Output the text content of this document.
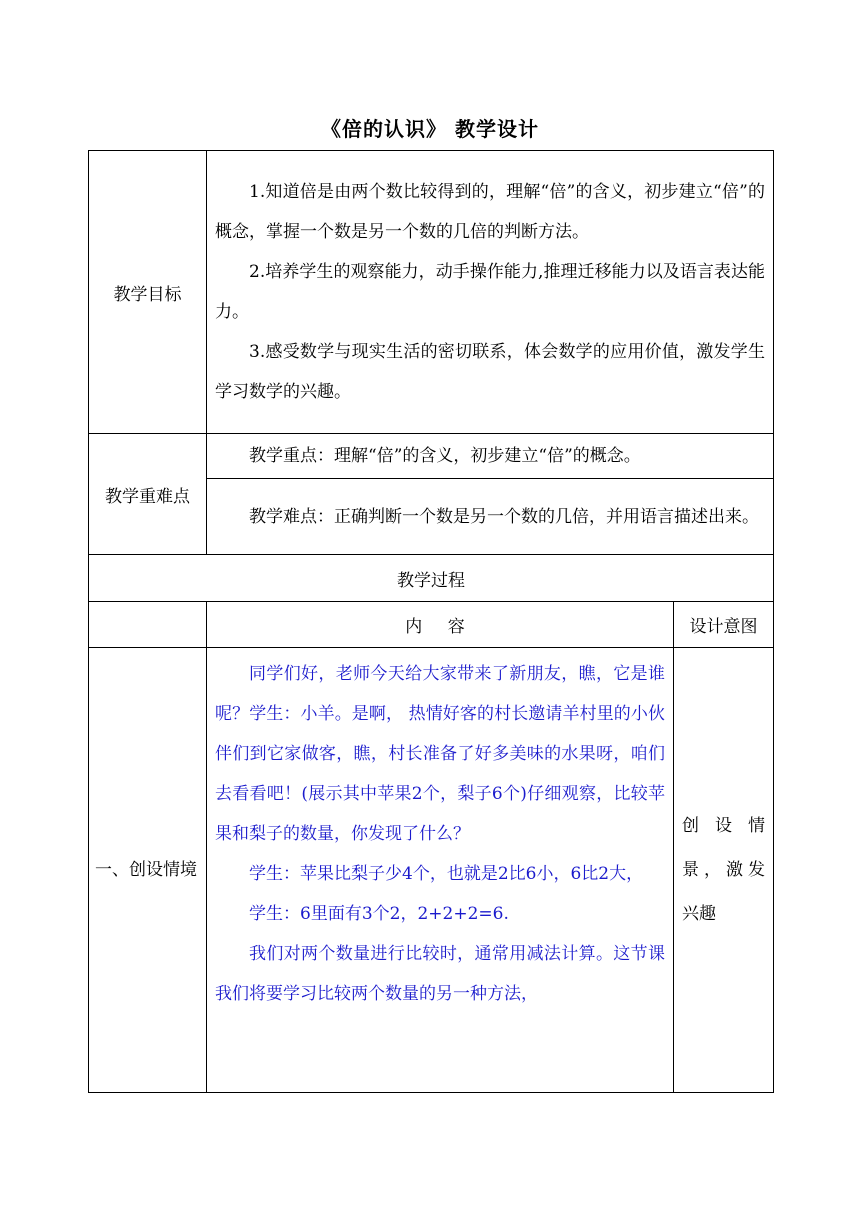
《倍的认识》 教学设计
教学目标	1.知道倍是由两个数比较得到的，理解“倍”的含义，初步建立“倍”的概念，掌握一个数是另一个数的几倍的判断方法。

2.培养学生的观察能力，动手操作能力,推理迁移能力以及语言表达能力。

3.感受数学与现实生活的密切联系，体会数学的应用价值，激发学生学习数学的兴趣。	

教学重难点	教学重点：理解“倍”的含义，初步建立“倍”的概念。	

	教学难点：正确判断一个数是另一个数的几倍，并用语言描述出来。	

教学过程		
	内 容	设计意图
一、创设情境	同学们好，老师今天给大家带来了新朋友，瞧，它是谁呢？学生：小羊。是啊， 热情好客的村长邀请羊村里的小伙伴们到它家做客，瞧，村长准备了好多美味的水果呀，咱们去看看吧！(展示其中苹果2个，梨子6个)仔细观察，比较苹果和梨子的数量，你发现了什么？

学生：苹果比梨子少4个，也就是2比6小，6比2大，

学生：6里面有3个2，2+2+2=6.

我们对两个数量进行比较时，通常用减法计算。这节课我们将要学习比较两个数量的另一种方法，	创设情景，激发兴趣
